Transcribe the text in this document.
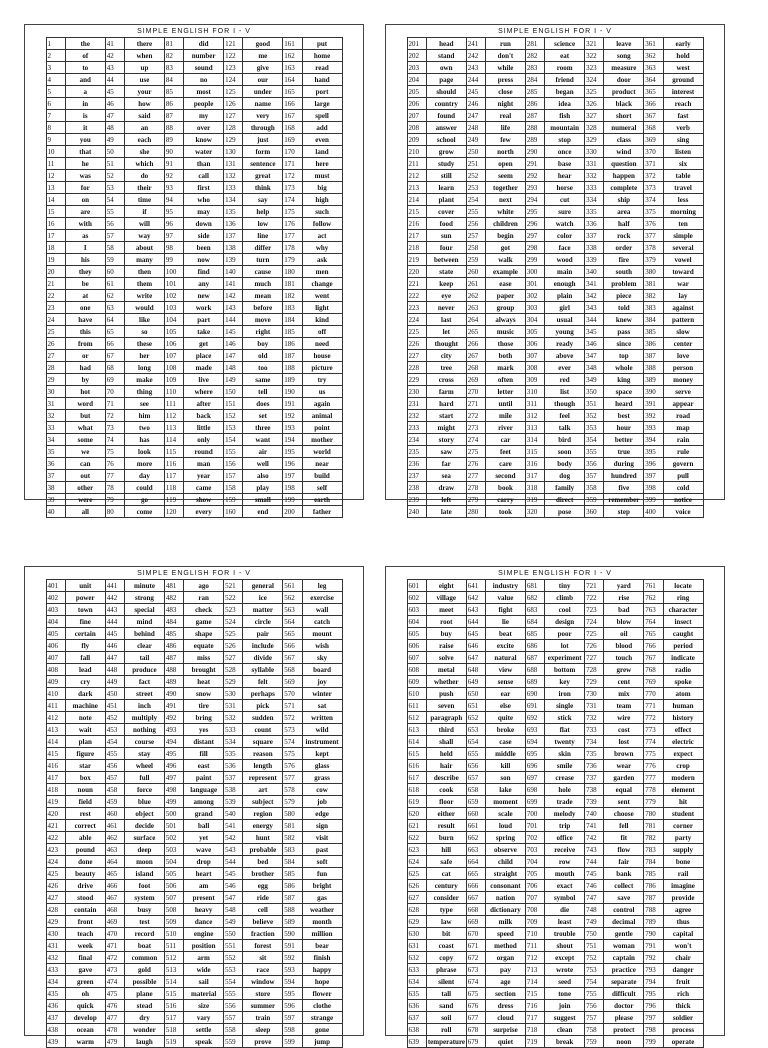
SIMPLE ENGLISH FOR I - V
1	the	41	there	81	did	121	good	161	put
2	of	42	when	82	number	122	me	162	home
3	to	43	up	83	sound	123	give	163	read
4	and	44	use	84	no	124	our	164	hand
5	a	45	your	85	most	125	under	165	port
6	in	46	how	86	people	126	name	166	large
7	is	47	said	87	my	127	very	167	spell
8	it	48	an	88	over	128	through	168	add
9	you	49	each	89	know	129	just	169	even
10	that	50	she	90	water	130	form	170	land
11	he	51	which	91	than	131	sentence	171	here
12	was	52	do	92	call	132	great	172	must
13	for	53	their	93	first	133	think	173	big
14	on	54	time	94	who	134	say	174	high
15	are	55	if	95	may	135	help	175	such
16	with	56	will	96	down	136	low	176	follow
17	as	57	way	97	side	137	line	177	act
18	I	58	about	98	been	138	differ	178	why
19	his	59	many	99	now	139	turn	179	ask
20	they	60	then	100	find	140	cause	180	men
21	be	61	them	101	any	141	much	181	change
22	at	62	write	102	new	142	mean	182	went
23	one	63	would	103	work	143	before	183	light
24	have	64	like	104	part	144	move	184	kind
25	this	65	so	105	take	145	right	185	off
26	from	66	these	106	get	146	boy	186	need
27	or	67	her	107	place	147	old	187	house
28	had	68	long	108	made	148	too	188	picture
29	by	69	make	109	live	149	same	189	try
30	hot	70	thing	110	where	150	tell	190	us
31	word	71	see	111	after	151	does	191	again
32	but	72	him	112	back	152	set	192	animal
33	what	73	two	113	little	153	three	193	point
34	some	74	has	114	only	154	want	194	mother
35	we	75	look	115	round	155	air	195	world
36	can	76	more	116	man	156	well	196	near
37	out	77	day	117	year	157	also	197	build
38	other	78	could	118	came	158	play	198	self
39	were	79	go	119	show	159	small	199	earth
40	all	80	come	120	every	160	end	200	father
SIMPLE ENGLISH FOR I - V
201	head	241	run	281	science	321	leave	361	early
202	stand	242	don't	282	eat	322	song	362	hold
203	own	243	while	283	room	323	measure	363	west
204	page	244	press	284	friend	324	door	364	ground
205	should	245	close	285	began	325	product	365	interest
206	country	246	night	286	idea	326	black	366	reach
207	found	247	real	287	fish	327	short	367	fast
208	answer	248	life	288	mountain	328	numeral	368	verb
209	school	249	few	289	stop	329	class	369	sing
210	grow	250	north	290	once	330	wind	370	listen
211	study	251	open	291	base	331	question	371	six
212	still	252	seem	292	hear	332	happen	372	table
213	learn	253	together	293	horse	333	complete	373	travel
214	plant	254	next	294	cut	334	ship	374	less
215	cover	255	white	295	sure	335	area	375	morning
216	food	256	children	296	watch	336	half	376	ten
217	sun	257	begin	297	color	337	rock	377	simple
218	four	258	got	298	face	338	order	378	several
219	between	259	walk	299	wood	339	fire	379	vowel
220	state	260	example	300	main	340	south	380	toward
221	keep	261	ease	301	enough	341	problem	381	war
222	eye	262	paper	302	plain	342	piece	382	lay
223	never	263	group	303	girl	343	told	383	against
224	last	264	always	304	usual	344	knew	384	pattern
225	let	265	music	305	young	345	pass	385	slow
226	thought	266	those	306	ready	346	since	386	center
227	city	267	both	307	above	347	top	387	love
228	tree	268	mark	308	ever	348	whole	388	person
229	cross	269	often	309	red	349	king	389	money
230	farm	270	letter	310	list	350	space	390	serve
231	hard	271	until	311	though	351	heard	391	appear
232	start	272	mile	312	feel	352	best	392	road
233	might	273	river	313	talk	353	hour	393	map
234	story	274	car	314	bird	354	better	394	rain
235	saw	275	feet	315	soon	355	true	395	rule
236	far	276	care	316	body	356	during	396	govern
237	sea	277	second	317	dog	357	hundred	397	pull
238	draw	278	book	318	family	358	five	398	cold
239	left	279	carry	319	direct	359	remember	399	notice
240	late	280	took	320	pose	360	step	400	voice
SIMPLE ENGLISH FOR I - V
401	unit	441	minute	481	ago	521	general	561	leg
402	power	442	strong	482	ran	522	ice	562	exercise
403	town	443	special	483	check	523	matter	563	wall
404	fine	444	mind	484	game	524	circle	564	catch
405	certain	445	behind	485	shape	525	pair	565	mount
406	fly	446	clear	486	equate	526	include	566	wish
407	fall	447	tail	487	miss	527	divide	567	sky
408	lead	448	produce	488	brought	528	syllable	568	board
409	cry	449	fact	489	heat	529	felt	569	joy
410	dark	450	street	490	snow	530	perhaps	570	winter
411	machine	451	inch	491	tire	531	pick	571	sat
412	note	452	multiply	492	bring	532	sudden	572	written
413	wait	453	nothing	493	yes	533	count	573	wild
414	plan	454	course	494	distant	534	square	574	instrument
415	figure	455	stay	495	fill	535	reason	575	kept
416	star	456	wheel	496	east	536	length	576	glass
417	box	457	full	497	paint	537	represent	577	grass
418	noun	458	force	498	language	538	art	578	cow
419	field	459	blue	499	among	539	subject	579	job
420	rest	460	object	500	grand	540	region	580	edge
421	correct	461	decide	501	ball	541	energy	581	sign
422	able	462	surface	502	yet	542	hunt	582	visit
423	pound	463	deep	503	wave	543	probable	583	past
424	done	464	moon	504	drop	544	bed	584	soft
425	beauty	465	island	505	heart	545	brother	585	fun
426	drive	466	foot	506	am	546	egg	586	bright
427	stood	467	system	507	present	547	ride	587	gas
428	contain	468	busy	508	heavy	548	cell	588	weather
429	front	469	test	509	dance	549	believe	589	month
430	teach	470	record	510	engine	550	fraction	590	million
431	week	471	boat	511	position	551	forest	591	bear
432	final	472	common	512	arm	552	sit	592	finish
433	gave	473	gold	513	wide	553	race	593	happy
434	green	474	possible	514	sail	554	window	594	hope
435	oh	475	plane	515	material	555	store	595	flower
436	quick	476	stead	516	size	556	summer	596	clothe
437	develop	477	dry	517	vary	557	train	597	strange
438	ocean	478	wonder	518	settle	558	sleep	598	gone
439	warm	479	laugh	519	speak	559	prove	599	jump
SIMPLE ENGLISH FOR I - V
601	eight	641	industry	681	tiny	721	yard	761	locate
602	village	642	value	682	climb	722	rise	762	ring
603	meet	643	fight	683	cool	723	bad	763	character
604	root	644	lie	684	design	724	blow	764	insect
605	buy	645	beat	685	poor	725	oil	765	caught
606	raise	646	excite	686	lot	726	blood	766	period
607	solve	647	natural	687	experiment	727	touch	767	indicate
608	metal	648	view	688	bottom	728	grew	768	radio
609	whether	649	sense	689	key	729	cent	769	spoke
610	push	650	ear	690	iron	730	mix	770	atom
611	seven	651	else	691	single	731	team	771	human
612	paragraph	652	quite	692	stick	732	wire	772	history
613	third	653	broke	693	flat	733	cost	773	effect
614	shall	654	case	694	twenty	734	lost	774	electric
615	held	655	middle	695	skin	735	brown	775	expect
616	hair	656	kill	696	smile	736	wear	776	crop
617	describe	657	son	697	crease	737	garden	777	modern
618	cook	658	lake	698	hole	738	equal	778	element
619	floor	659	moment	699	trade	739	sent	779	hit
620	either	660	scale	700	melody	740	choose	780	student
621	result	661	loud	701	trip	741	fell	781	corner
622	burn	662	spring	702	office	742	fit	782	party
623	hill	663	observe	703	receive	743	flow	783	supply
624	safe	664	child	704	row	744	fair	784	bone
625	cat	665	straight	705	mouth	745	bank	785	rail
626	century	666	consonant	706	exact	746	collect	786	imagine
627	consider	667	nation	707	symbol	747	save	787	provide
628	type	668	dictionary	708	die	748	control	788	agree
629	law	669	milk	709	least	749	decimal	789	thus
630	bit	670	speed	710	trouble	750	gentle	790	capital
631	coast	671	method	711	shout	751	woman	791	won't
632	copy	672	organ	712	except	752	captain	792	chair
633	phrase	673	pay	713	wrote	753	practice	793	danger
634	silent	674	age	714	seed	754	separate	794	fruit
635	tall	675	section	715	tone	755	difficult	795	rich
636	sand	676	dress	716	join	756	doctor	796	thick
637	soil	677	cloud	717	suggest	757	please	797	soldier
638	roll	678	surprise	718	clean	758	protect	798	process
639	temperature	679	quiet	719	break	759	noon	799	operate
